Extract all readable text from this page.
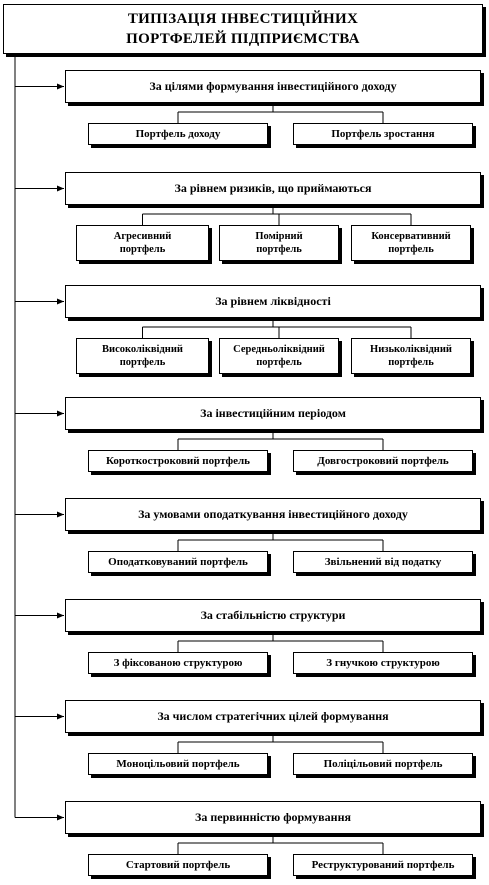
ТИПІЗАЦІЯ ІНВЕСТИЦІЙНИХ
ПОРТФЕЛЕЙ ПІДПРИЄМСТВА
За цілями формування інвестиційного доходу
Портфель доходу	Портфель зростання
За рівнем ризиків, що приймаються
Агресивний
портфель
Помірний
портфель
Консервативний
портфель
За рівнем ліквідності
Високоліквідний
портфель
Середньоліквідний
портфель
Низьколіквідний
портфель
За інвестиційним періодом
Короткостроковий портфель	Довгостроковий портфель
За умовами оподаткування інвестиційного доходу
Оподатковуваний портфель	Звільнений від податку
За стабільністю структури
З фіксованою структурою	З гнучкою структурою
За числом стратегічних цілей формування
Моноцільовий портфель	Поліцільовий портфель
За первинністю формування
Стартовий портфель	Реструктурований портфель
